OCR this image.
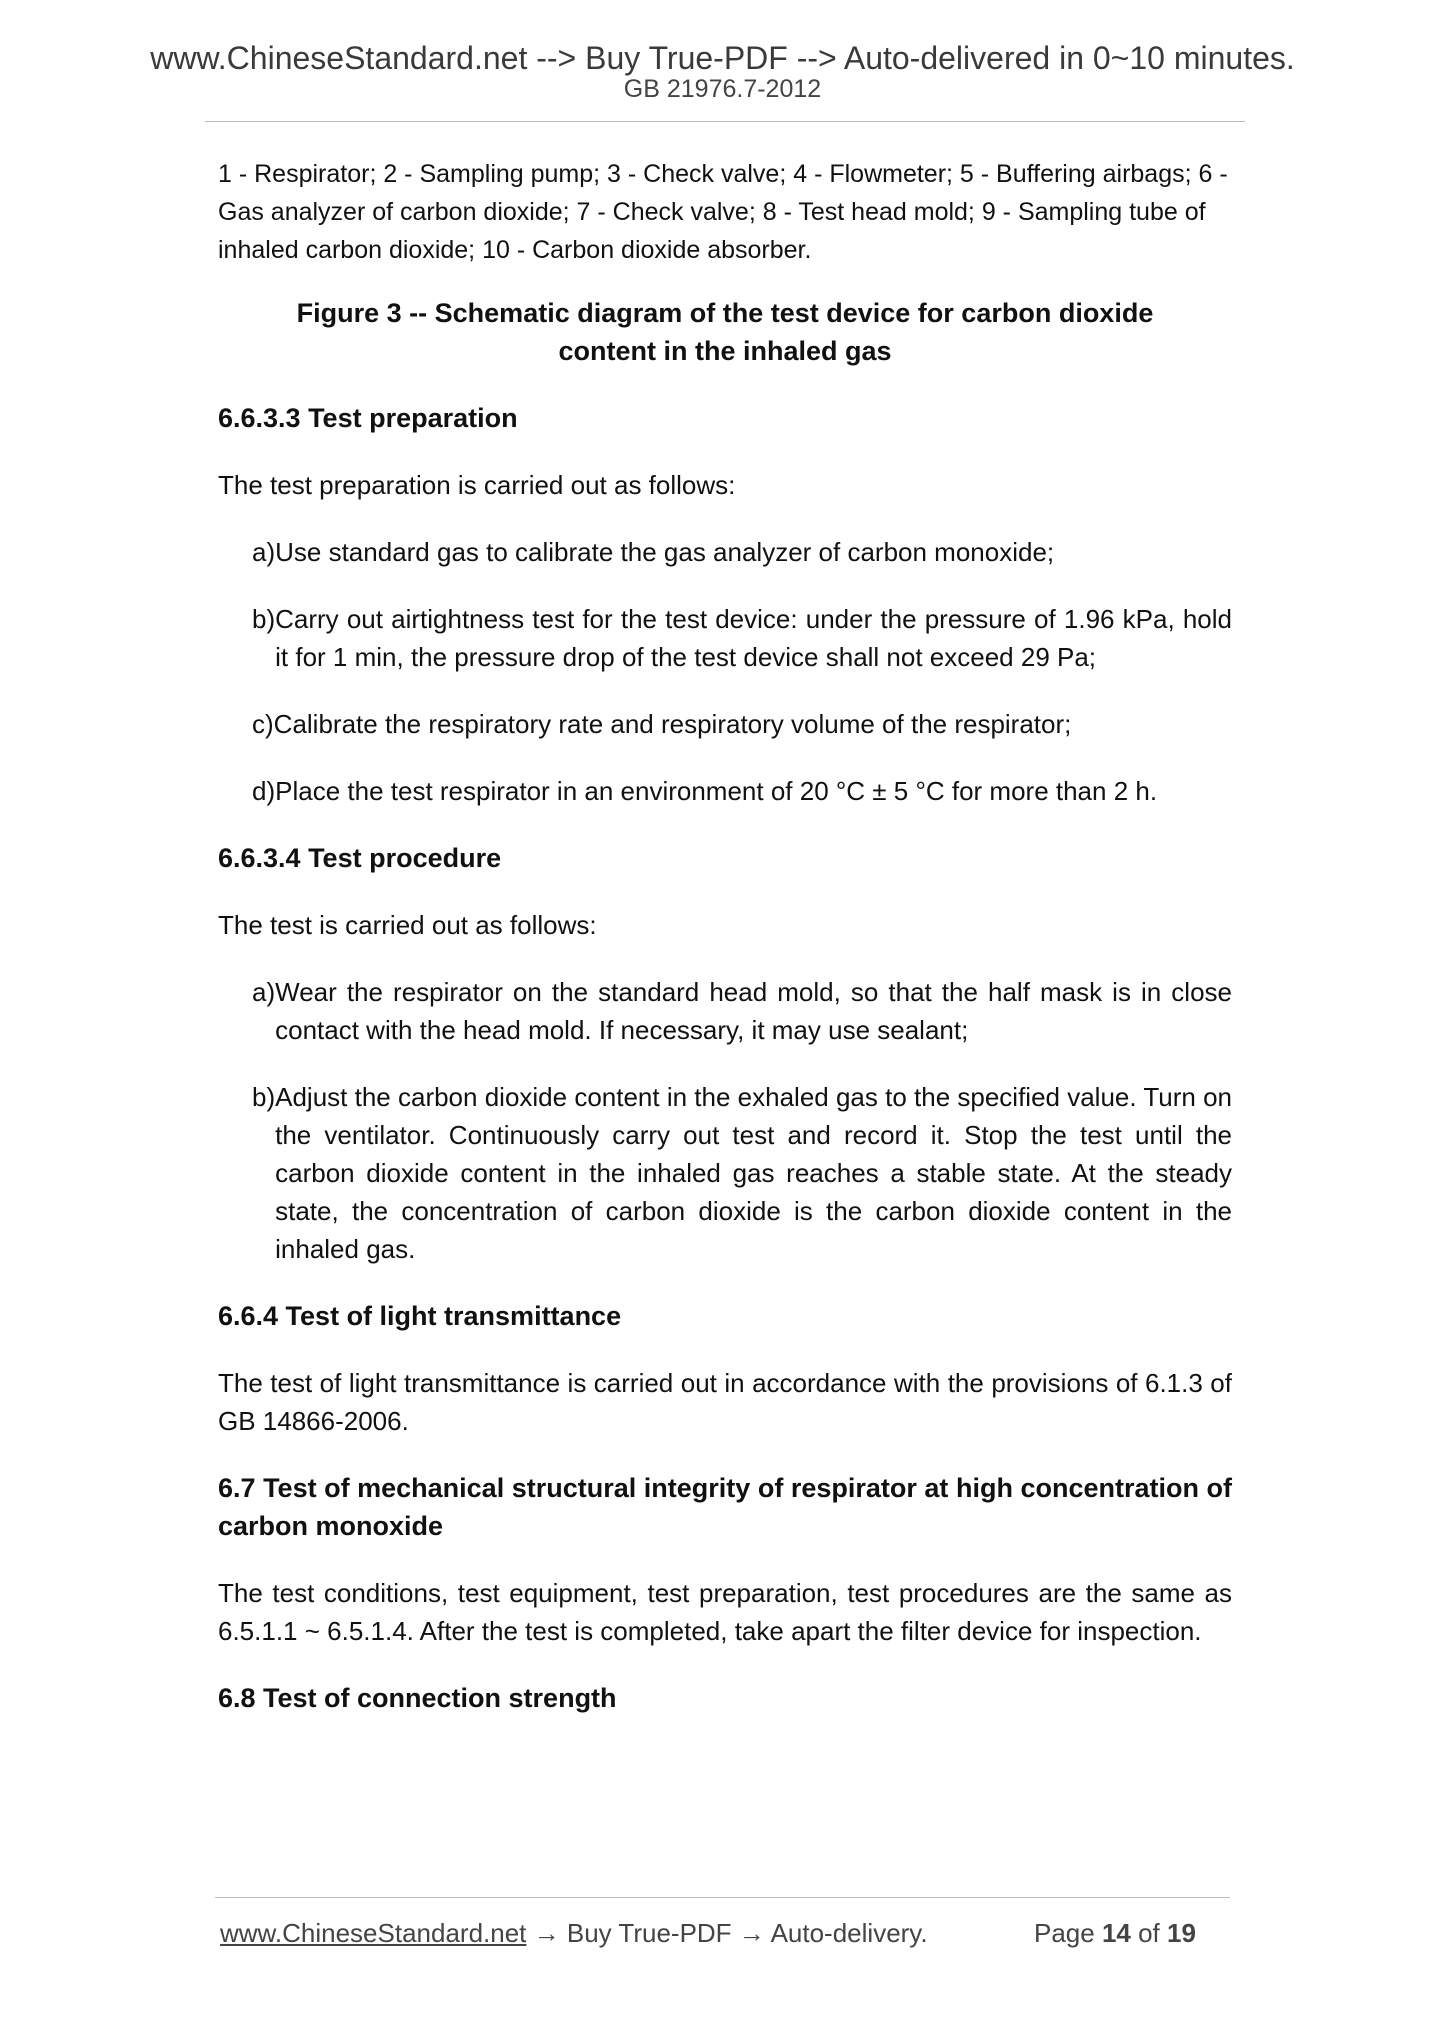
www.ChineseStandard.net --> Buy True-PDF --> Auto-delivered in 0~10 minutes.
GB 21976.7-2012

1 - Respirator; 2 - Sampling pump; 3 - Check valve; 4 - Flowmeter; 5 - Buffering airbags; 6 - Gas analyzer of carbon dioxide; 7 - Check valve; 8 - Test head mold; 9 - Sampling tube of inhaled carbon dioxide; 10 - Carbon dioxide absorber.

Figure 3 -- Schematic diagram of the test device for carbon dioxide content in the inhaled gas

6.6.3.3 Test preparation

The test preparation is carried out as follows:

a) Use standard gas to calibrate the gas analyzer of carbon monoxide;
b) Carry out airtightness test for the test device: under the pressure of 1.96 kPa, hold it for 1 min, the pressure drop of the test device shall not exceed 29 Pa;
c) Calibrate the respiratory rate and respiratory volume of the respirator;
d) Place the test respirator in an environment of 20 °C ± 5 °C for more than 2 h.

6.6.3.4 Test procedure

The test is carried out as follows:

a) Wear the respirator on the standard head mold, so that the half mask is in close contact with the head mold. If necessary, it may use sealant;
b) Adjust the carbon dioxide content in the exhaled gas to the specified value. Turn on the ventilator. Continuously carry out test and record it. Stop the test until the carbon dioxide content in the inhaled gas reaches a stable state. At the steady state, the concentration of carbon dioxide is the carbon dioxide content in the inhaled gas.

6.6.4 Test of light transmittance

The test of light transmittance is carried out in accordance with the provisions of 6.1.3 of GB 14866-2006.

6.7 Test of mechanical structural integrity of respirator at high concentration of carbon monoxide

The test conditions, test equipment, test preparation, test procedures are the same as 6.5.1.1 ~ 6.5.1.4. After the test is completed, take apart the filter device for inspection.

6.8 Test of connection strength

www.ChineseStandard.net → Buy True-PDF → Auto-delivery.	Page 14 of 19
